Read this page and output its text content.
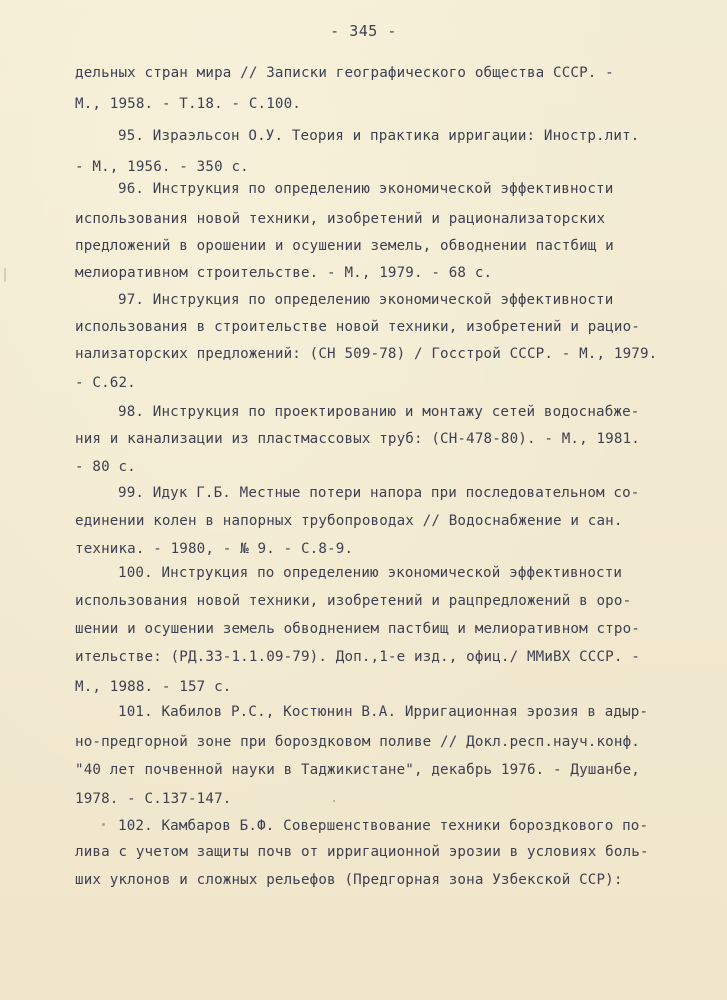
- 345 -
дельных стран мира // Записки географического общества СССР. -
М., 1958. - Т.18. - С.100.
95. Израэльсон О.У. Теория и практика ирригации: Иностр.лит.
- М., 1956. - 350 с.
96. Инструкция по определению экономической эффективности
использования новой техники, изобретений и рационализаторских
предложений в орошении и осушении земель, обводнении пастбищ и
мелиоративном строительстве. - М., 1979. - 68 с.
97. Инструкция по определению экономической эффективности
использования в строительстве новой техники, изобретений и рацио-
нализаторских предложений: (СН 509-78) / Госстрой СССР. - М., 1979.
- С.62.
98. Инструкция по проектированию и монтажу сетей водоснабже-
ния и канализации из пластмассовых труб: (СН-478-80). - М., 1981.
- 80 с.
99. Идук Г.Б. Местные потери напора при последовательном со-
единении колен в напорных трубопроводах // Водоснабжение и сан.
техника. - 1980, - № 9. - С.8-9.
100. Инструкция по определению экономической эффективности
использования новой техники, изобретений и рацпредложений в оро-
шении и осушении земель обводнением пастбищ и мелиоративном стро-
ительстве: (РД.33-1.1.09-79). Доп.,1-е изд., офиц./ ММиВХ СССР. -
М., 1988. - 157 с.
101. Кабилов Р.С., Костюнин В.А. Ирригационная эрозия в адыр-
но-предгорной зоне при бороздковом поливе // Докл.респ.науч.конф.
"40 лет почвенной науки в Таджикистане", декабрь 1976. - Душанбе,
1978. - С.137-147.
102. Камбаров Б.Ф. Совершенствование техники бороздкового по-
лива с учетом защиты почв от ирригационной эрозии в условиях боль-
ших уклонов и сложных рельефов (Предгорная зона Узбекской ССР):
